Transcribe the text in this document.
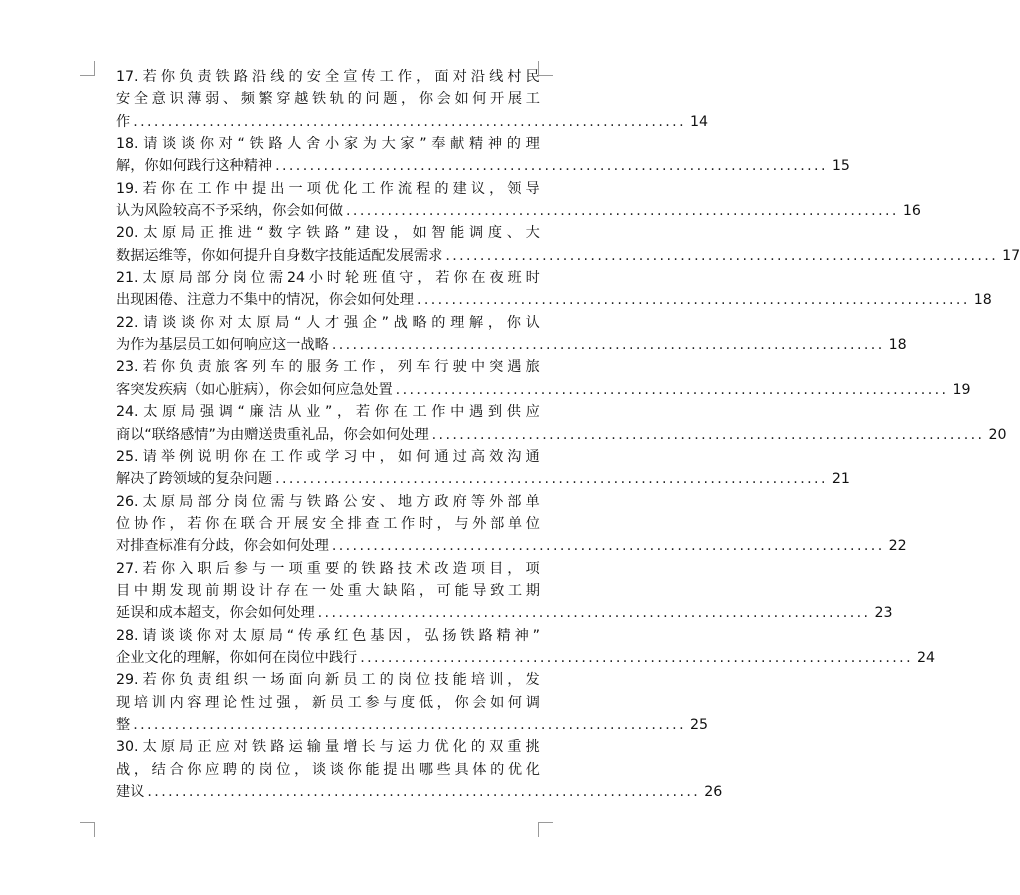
17. 若 你 负 责 铁 路 沿 线 的 安 全 宣 传 工 作 ， 面 对 沿 线 村 民
安 全 意 识 薄 弱 、 频 繁 穿 越 铁 轨 的 问 题 ， 你 会 如 何 开 展 工
作 ................................................................................ 14
18. 请 谈 谈 你 对 “ 铁 路 人 舍 小 家 为 大 家 ” 奉 献 精 神 的 理
解，你如何践行这种精神 ................................................................................ 15
19. 若 你 在 工 作 中 提 出 一 项 优 化 工 作 流 程 的 建 议 ， 领 导
认为风险较高不予采纳，你会如何做 ................................................................................ 16
20. 太 原 局 正 推 进 “ 数 字 铁 路 ” 建 设 ， 如 智 能 调 度 、 大
数据运维等，你如何提升自身数字技能适配发展需求 ................................................................................ 17
21. 太 原 局 部 分 岗 位 需 24 小 时 轮 班 值 守 ， 若 你 在 夜 班 时
出现困倦、注意力不集中的情况，你会如何处理 ................................................................................ 18
22. 请 谈 谈 你 对 太 原 局 “ 人 才 强 企 ” 战 略 的 理 解 ， 你 认
为作为基层员工如何响应这一战略 ................................................................................ 18
23. 若 你 负 责 旅 客 列 车 的 服 务 工 作 ， 列 车 行 驶 中 突 遇 旅
客突发疾病（如心脏病），你会如何应急处置 ................................................................................ 19
24. 太 原 局 强 调 “ 廉 洁 从 业 ” ， 若 你 在 工 作 中 遇 到 供 应
商以“联络感情”为由赠送贵重礼品，你会如何处理 ................................................................................ 20
25. 请 举 例 说 明 你 在 工 作 或 学 习 中 ， 如 何 通 过 高 效 沟 通
解决了跨领域的复杂问题 ................................................................................ 21
26. 太 原 局 部 分 岗 位 需 与 铁 路 公 安 、 地 方 政 府 等 外 部 单
位 协 作 ， 若 你 在 联 合 开 展 安 全 排 查 工 作 时 ， 与 外 部 单 位
对排查标准有分歧，你会如何处理 ................................................................................ 22
27. 若 你 入 职 后 参 与 一 项 重 要 的 铁 路 技 术 改 造 项 目 ， 项
目 中 期 发 现 前 期 设 计 存 在 一 处 重 大 缺 陷 ， 可 能 导 致 工 期
延误和成本超支，你会如何处理 ................................................................................ 23
28. 请 谈 谈 你 对 太 原 局 “ 传 承 红 色 基 因 ， 弘 扬 铁 路 精 神 ”
企业文化的理解，你如何在岗位中践行 ................................................................................ 24
29. 若 你 负 责 组 织 一 场 面 向 新 员 工 的 岗 位 技 能 培 训 ， 发
现 培 训 内 容 理 论 性 过 强 ， 新 员 工 参 与 度 低 ， 你 会 如 何 调
整 ................................................................................ 25
30. 太 原 局 正 应 对 铁 路 运 输 量 增 长 与 运 力 优 化 的 双 重 挑
战 ， 结 合 你 应 聘 的 岗 位 ， 谈 谈 你 能 提 出 哪 些 具 体 的 优 化
建议 ................................................................................ 26
